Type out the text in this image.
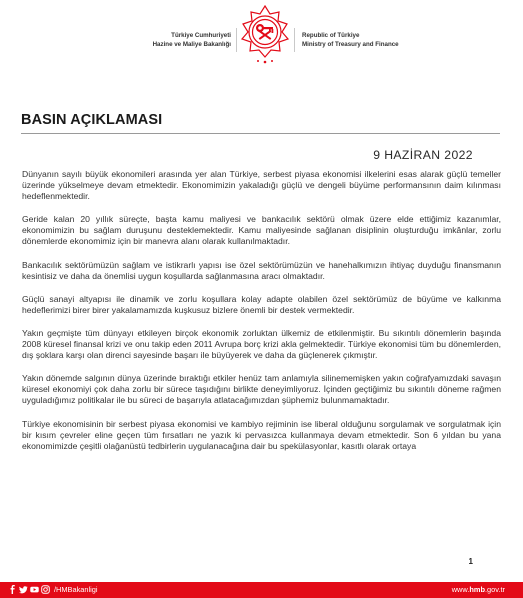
Türkiye Cumhuriyeti
Hazine ve Maliye Bakanlığı
Republic of Türkiye
Ministry of Treasury and Finance
BASIN AÇIKLAMASI
9 HAZİRAN 2022

Dünyanın sayılı büyük ekonomileri arasında yer alan Türkiye, serbest piyasa ekonomisi ilkelerini esas alarak güçlü temeller üzerinde yükselmeye devam etmektedir. Ekonomimizin yakaladığı güçlü ve dengeli büyüme performansının daim kılınması hedeflenmektedir.

Geride kalan 20 yıllık süreçte, başta kamu maliyesi ve bankacılık sektörü olmak üzere elde ettiğimiz kazanımlar, ekonomimizin bu sağlam duruşunu desteklemektedir. Kamu maliyesinde sağlanan disiplinin oluşturduğu imkânlar, zorlu dönemlerde ekonomimiz için bir manevra alanı olarak kullanılmaktadır.

Bankacılık sektörümüzün sağlam ve istikrarlı yapısı ise özel sektörümüzün ve hanehalkımızın ihtiyaç duyduğu finansmanın kesintisiz ve daha da önemlisi uygun koşullarda sağlanmasına aracı olmaktadır.

Güçlü sanayi altyapısı ile dinamik ve zorlu koşullara kolay adapte olabilen özel sektörümüz de büyüme ve kalkınma hedeflerimizi birer birer yakalamamızda kuşkusuz bizlere önemli bir destek vermektedir.

Yakın geçmişte tüm dünyayı etkileyen birçok ekonomik zorluktan ülkemiz de etkilenmiştir. Bu sıkıntılı dönemlerin başında 2008 küresel finansal krizi ve onu takip eden 2011 Avrupa borç krizi akla gelmektedir. Türkiye ekonomisi tüm bu dönemlerden, dış şoklara karşı olan direnci sayesinde başarı ile büyüyerek ve daha da güçlenerek çıkmıştır.

Yakın dönemde salgının dünya üzerinde bıraktığı etkiler henüz tam anlamıyla silinememişken yakın coğrafyamızdaki savaşın küresel ekonomiyi çok daha zorlu bir sürece taşıdığını birlikte deneyimliyoruz. İçinden geçtiğimiz bu sıkıntılı döneme rağmen uyguladığımız politikalar ile bu süreci de başarıyla atlatacağımızdan şüphemiz bulunmamaktadır.

Türkiye ekonomisinin bir serbest piyasa ekonomisi ve kambiyo rejiminin ise liberal olduğunu sorgulamak ve sorgulatmak için bir kısım çevreler eline geçen tüm fırsatları ne yazık ki pervasızca kullanmaya devam etmektedir. Son 6 yıldan bu yana ekonomimizde çeşitli olağanüstü tedbirlerin uygulanacağına dair bu spekülasyonlar, kasıtlı olarak ortaya

1
/HMBakanligi	www.hmb.gov.tr
